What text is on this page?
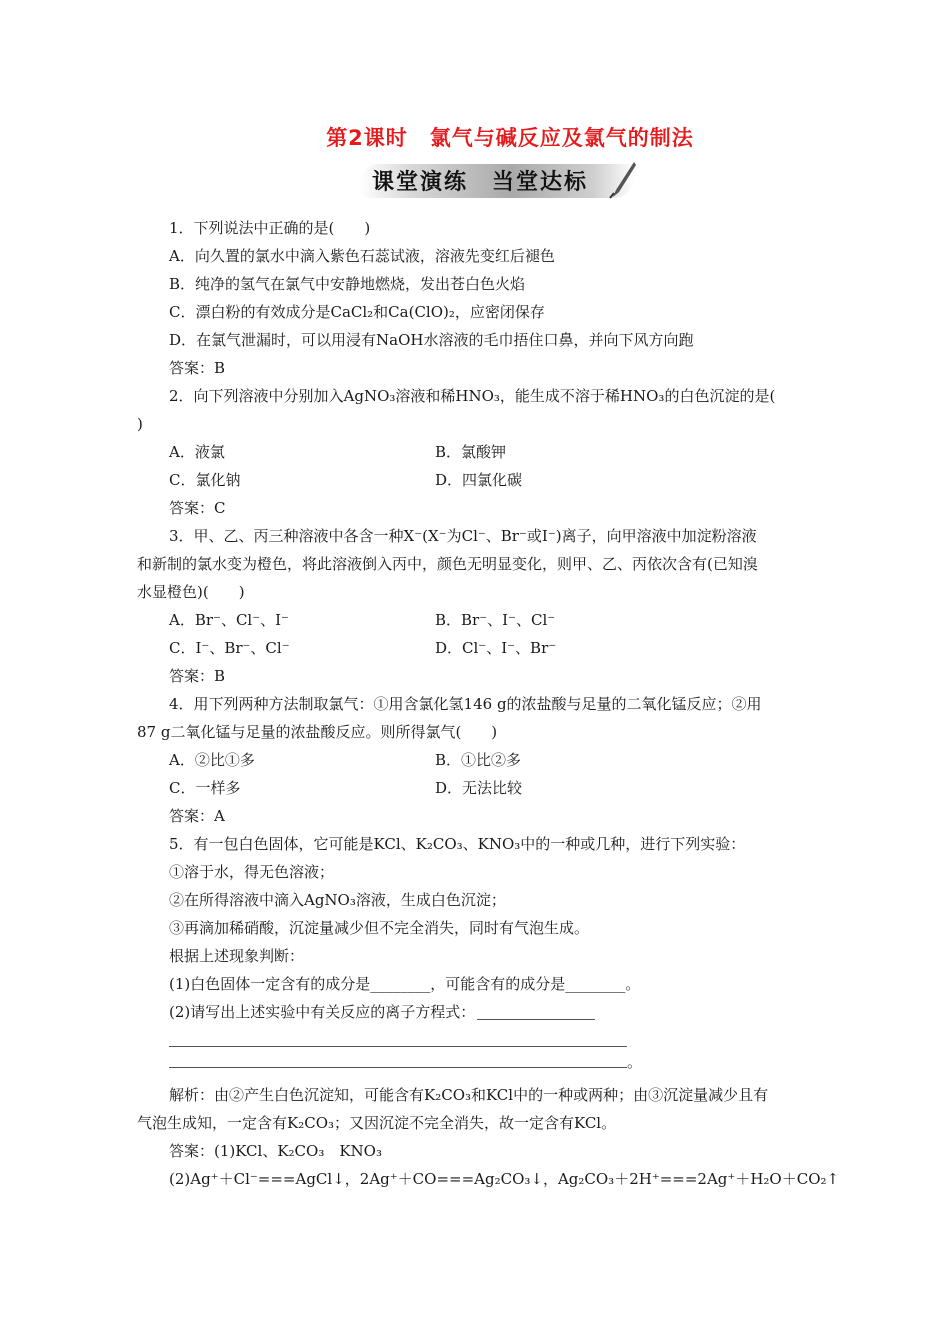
第2课时　氯气与碱反应及氯气的制法
课堂演练　当堂达标
1．下列说法中正确的是(　　)
A．向久置的氯水中滴入紫色石蕊试液，溶液先变红后褪色
B．纯净的氢气在氯气中安静地燃烧，发出苍白色火焰
C．漂白粉的有效成分是CaCl₂和Ca(ClO)₂，应密闭保存
D．在氯气泄漏时，可以用浸有NaOH水溶液的毛巾捂住口鼻，并向下风方向跑
答案：B
2．向下列溶液中分别加入AgNO₃溶液和稀HNO₃，能生成不溶于稀HNO₃的白色沉淀的是(
)
A．液氯	B．氯酸钾
C．氯化钠	D．四氯化碳
答案：C
3．甲、乙、丙三种溶液中各含一种X⁻(X⁻为Cl⁻、Br⁻或I⁻)离子，向甲溶液中加淀粉溶液
和新制的氯水变为橙色，将此溶液倒入丙中，颜色无明显变化，则甲、乙、丙依次含有(已知溴
水显橙色)(　　)
A．Br⁻、Cl⁻、I⁻	B．Br⁻、I⁻、Cl⁻
C．I⁻、Br⁻、Cl⁻	D．Cl⁻、I⁻、Br⁻
答案：B
4．用下列两种方法制取氯气：①用含氯化氢146 g的浓盐酸与足量的二氧化锰反应；②用
87 g二氧化锰与足量的浓盐酸反应。则所得氯气(　　)
A．②比①多	B．①比②多
C．一样多	D．无法比较
答案：A
5．有一包白色固体，它可能是KCl、K₂CO₃、KNO₃中的一种或几种，进行下列实验：
①溶于水，得无色溶液；
②在所得溶液中滴入AgNO₃溶液，生成白色沉淀；
③再滴加稀硝酸，沉淀量减少但不完全消失，同时有气泡生成。
根据上述现象判断：
(1)白色固体一定含有的成分是________，可能含有的成分是________。
(2)请写出上述实验中有关反应的离子方程式：
。
解析：由②产生白色沉淀知，可能含有K₂CO₃和KCl中的一种或两种；由③沉淀量减少且有
气泡生成知，一定含有K₂CO₃；又因沉淀不完全消失，故一定含有KCl。
答案：(1)KCl、K₂CO₃　KNO₃
(2)Ag⁺＋Cl⁻===AgCl↓，2Ag⁺＋CO===Ag₂CO₃↓，Ag₂CO₃＋2H⁺===2Ag⁺＋H₂O＋CO₂↑
